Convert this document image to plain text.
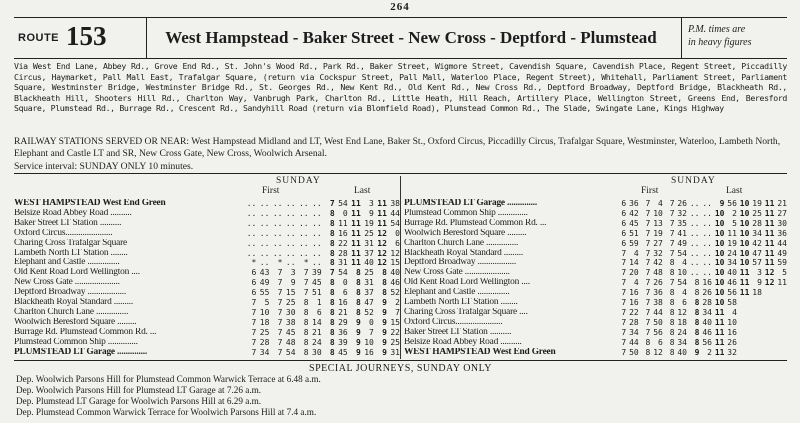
264
ROUTE 153	West Hampstead - Baker Street - New Cross - Deptford - Plumstead	P.M. times are
in heavy figures
Via West End Lane, Abbey Rd., Grove End Rd., St. John's Wood Rd., Park Rd., Baker Street, Wigmore Street, Cavendish Square, Cavendish Place, Regent Street, Piccadilly Circus, Haymarket, Pall Mall East, Trafalgar Square, (return via Cockspur Street, Pall Mall, Waterloo Place, Regent Street), Whitehall, Parliament Street, Parliament Square, Westminster Bridge, Westminster Bridge Rd., St. Georges Rd., New Kent Rd., Old Kent Rd., New Cross Rd., Deptford Broadway, Deptford Bridge, Blackheath Rd., Blackheath Hill, Shooters Hill Rd., Charlton Way, Vanbrugh Park, Charlton Rd., Little Heath, Hill Reach, Artillery Place, Wellington Street, Greens End, Beresford Square, Plumstead Rd., Burrage Rd., Crescent Rd., Sandyhill Road (return via Blomfield Road), Plumstead Common Rd., The Slade, Swingate Lane, Kings Highway
RAILWAY STATIONS SERVED OR NEAR: West Hampstead Midland and LT, West End Lane, Baker St., Oxford Circus, Piccadilly Circus, Trafalgar Square, Westminster, Waterloo, Lambeth North, Elephant and Castle LT and SR, New Cross Gate, New Cross, Woolwich Arsenal.
Service interval: SUNDAY ONLY 10 minutes.
SUNDAY
First	Last
WEST HAMPSTEAD West End Green	..	..	..	..	..	..	7	54	11	3	11	38
Belsize Road Abbey Road ..........	..	..	..	..	..	..	8	0	11	9	11	44
Baker Street LT Station ..........	..	..	..	..	..	..	8	11	11	19	11	54
Oxford Circus......................	..	..	..	..	..	..	8	16	11	25	12	0
Charing Cross Trafalgar Square	..	..	..	..	..	..	8	22	11	31	12	6
Lambeth North LT Station ........	..	..	..	..	..	..	8	28	11	37	12	12
Elephant and Castle ...............	*	..	*	..	*	..	8	31	11	40	12	15
Old Kent Road Lord Wellington ....	6	43	7	3	7	39	7	54	8	25	8	40
New Cross Gate .....................	6	49	7	9	7	45	8	0	8	31	8	46
Deptford Broadway ..................	6	55	7	15	7	51	8	6	8	37	8	52
Blackheath Royal Standard .........	7	5	7	25	8	1	8	16	8	47	9	2
Charlton Church Lane ...............	7	10	7	30	8	6	8	21	8	52	9	7
Woolwich Beresford Square .........	7	18	7	38	8	14	8	29	9	0	9	15
Burrage Rd. Plumstead Common Rd. ...	7	25	7	45	8	21	8	36	9	7	9	22
Plumstead Common Ship ..............	7	28	7	48	8	24	8	39	9	10	9	25
PLUMSTEAD LT Garage ..............	7	34	7	54	8	30	8	45	9	16	9	31
SUNDAY
First	Last
PLUMSTEAD LT Garage ..............	6	36	7	4	7	26	..	..	9	56	10	19	11	21
Plumstead Common Ship ..............	6	42	7	10	7	32	..	..	10	2	10	25	11	27
Burrage Rd. Plumstead Common Rd. ...	6	45	7	13	7	35	..	..	10	5	10	28	11	30
Woolwich Beresford Square .........	6	51	7	19	7	41	..	..	10	11	10	34	11	36
Charlton Church Lane ...............	6	59	7	27	7	49	..	..	10	19	10	42	11	44
Blackheath Royal Standard .........	7	4	7	32	7	54	..	..	10	24	10	47	11	49
Deptford Broadway ..................	7	14	7	42	8	4	..	..	10	34	10	57	11	59
New Cross Gate .....................	7	20	7	48	8	10	..	..	10	40	11	3	12	5
Old Kent Road Lord Wellington ....	7	4	7	26	7	54	8	16	10	46	11	9	12	11
Elephant and Castle ...............	7	16	7	36	8	4	8	26	10	56	11	18		
Lambeth North LT Station ........	7	16	7	38	8	6	8	28	10	58				
Charing Cross Trafalgar Square ....	7	22	7	44	8	12	8	34	11	4				
Oxford Circus......................	7	28	7	50	8	18	8	40	11	10				
Baker Street LT Station ..........	7	34	7	56	8	24	8	46	11	16				
Belsize Road Abbey Road ..........	7	44	8	6	8	34	8	56	11	26				
WEST HAMPSTEAD West End Green	7	50	8	12	8	40	9	2	11	32				
SPECIAL JOURNEYS, SUNDAY ONLY
Dep. Woolwich Parsons Hill for Plumstead Common Warwick Terrace at 6.48 a.m.
Dep. Woolwich Parsons Hill for Plumstead LT Garage at 7.26 a.m.
Dep. Plumstead LT Garage for Woolwich Parsons Hill at 6.29 a.m.
Dep. Plumstead Common Warwick Terrace for Woolwich Parsons Hill at 7.4 a.m.
